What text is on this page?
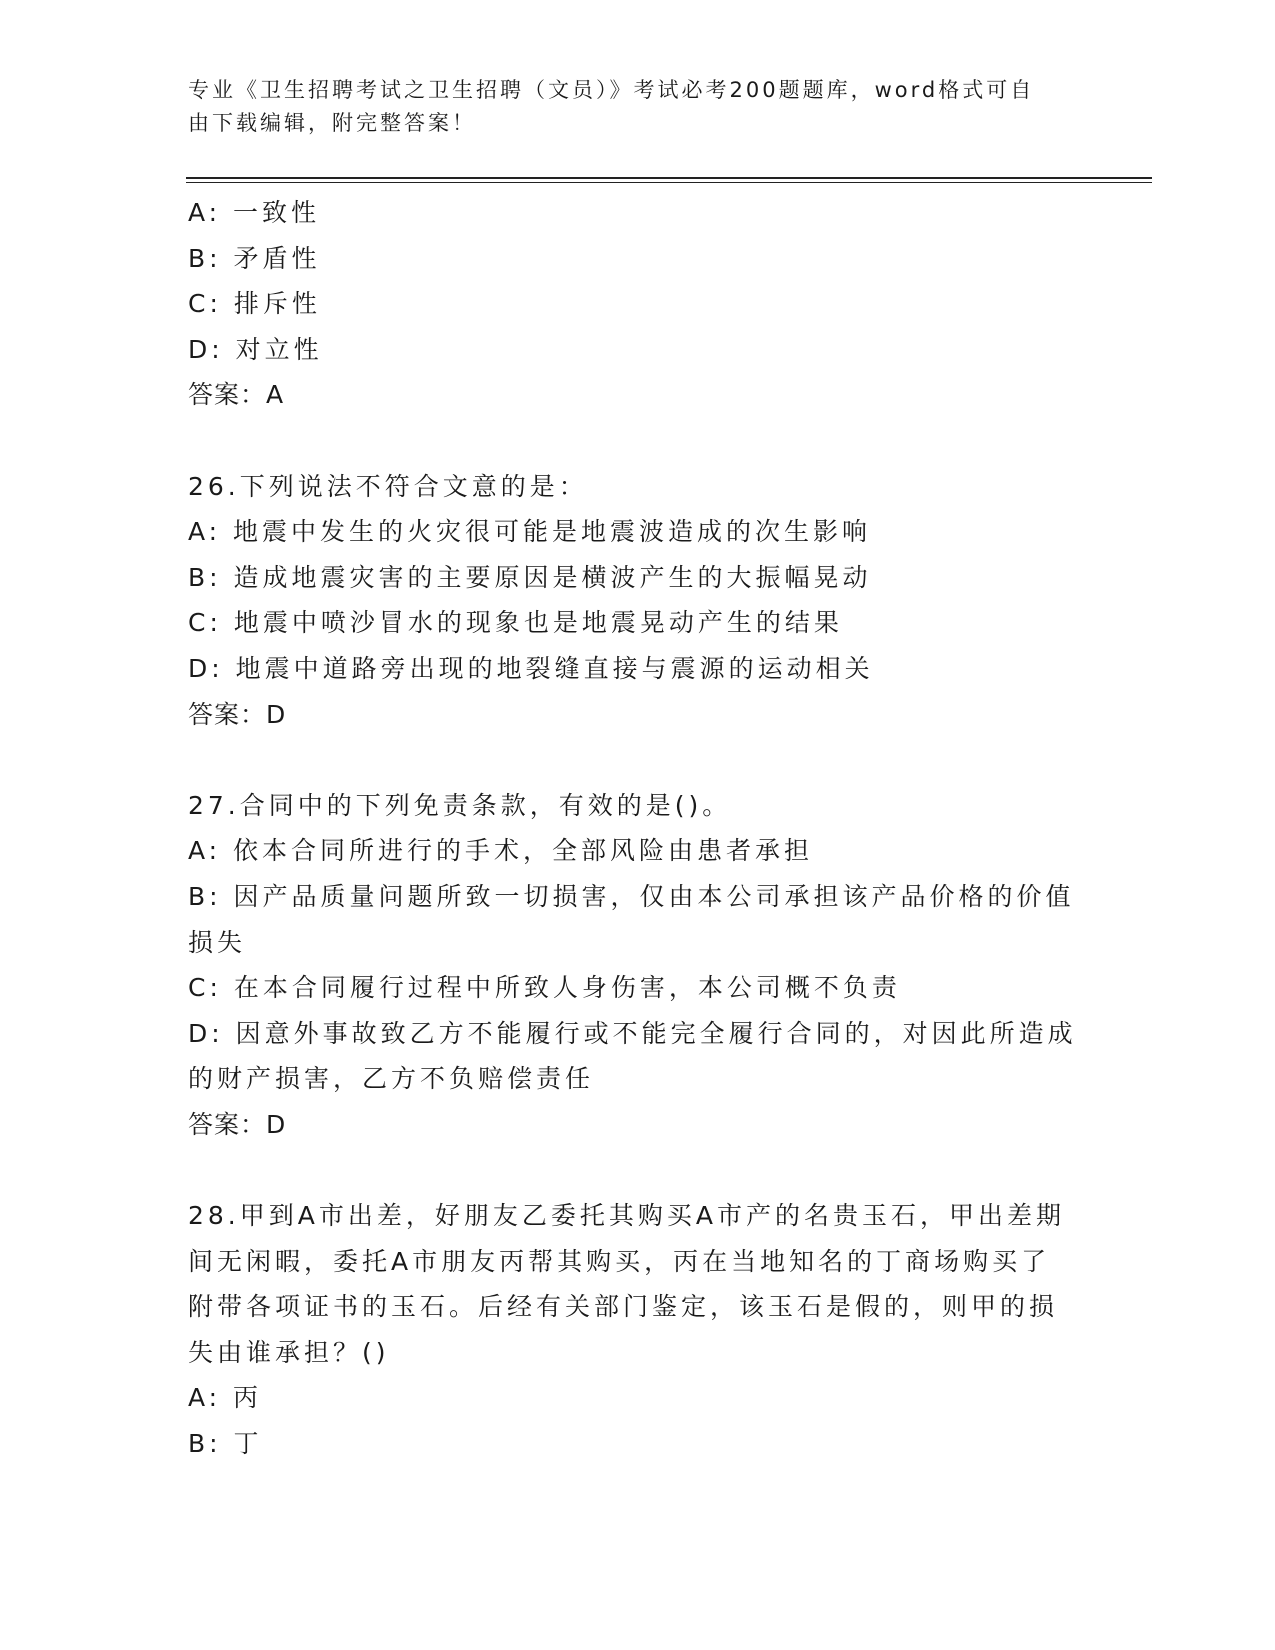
专业《卫生招聘考试之卫生招聘（文员）》考试必考200题题库，word格式可自
由下载编辑，附完整答案！
A: 一致性
B: 矛盾性
C: 排斥性
D: 对立性
答案：A
26.下列说法不符合文意的是：
A: 地震中发生的火灾很可能是地震波造成的次生影响
B: 造成地震灾害的主要原因是横波产生的大振幅晃动
C: 地震中喷沙冒水的现象也是地震晃动产生的结果
D: 地震中道路旁出现的地裂缝直接与震源的运动相关
答案：D
27.合同中的下列免责条款，有效的是()。
A: 依本合同所进行的手术，全部风险由患者承担
B: 因产品质量问题所致一切损害，仅由本公司承担该产品价格的价值
损失
C: 在本合同履行过程中所致人身伤害，本公司概不负责
D: 因意外事故致乙方不能履行或不能完全履行合同的，对因此所造成
的财产损害，乙方不负赔偿责任
答案：D
28.甲到A市出差，好朋友乙委托其购买A市产的名贵玉石，甲出差期
间无闲暇，委托A市朋友丙帮其购买，丙在当地知名的丁商场购买了
附带各项证书的玉石。后经有关部门鉴定，该玉石是假的，则甲的损
失由谁承担？()
A: 丙
B: 丁
